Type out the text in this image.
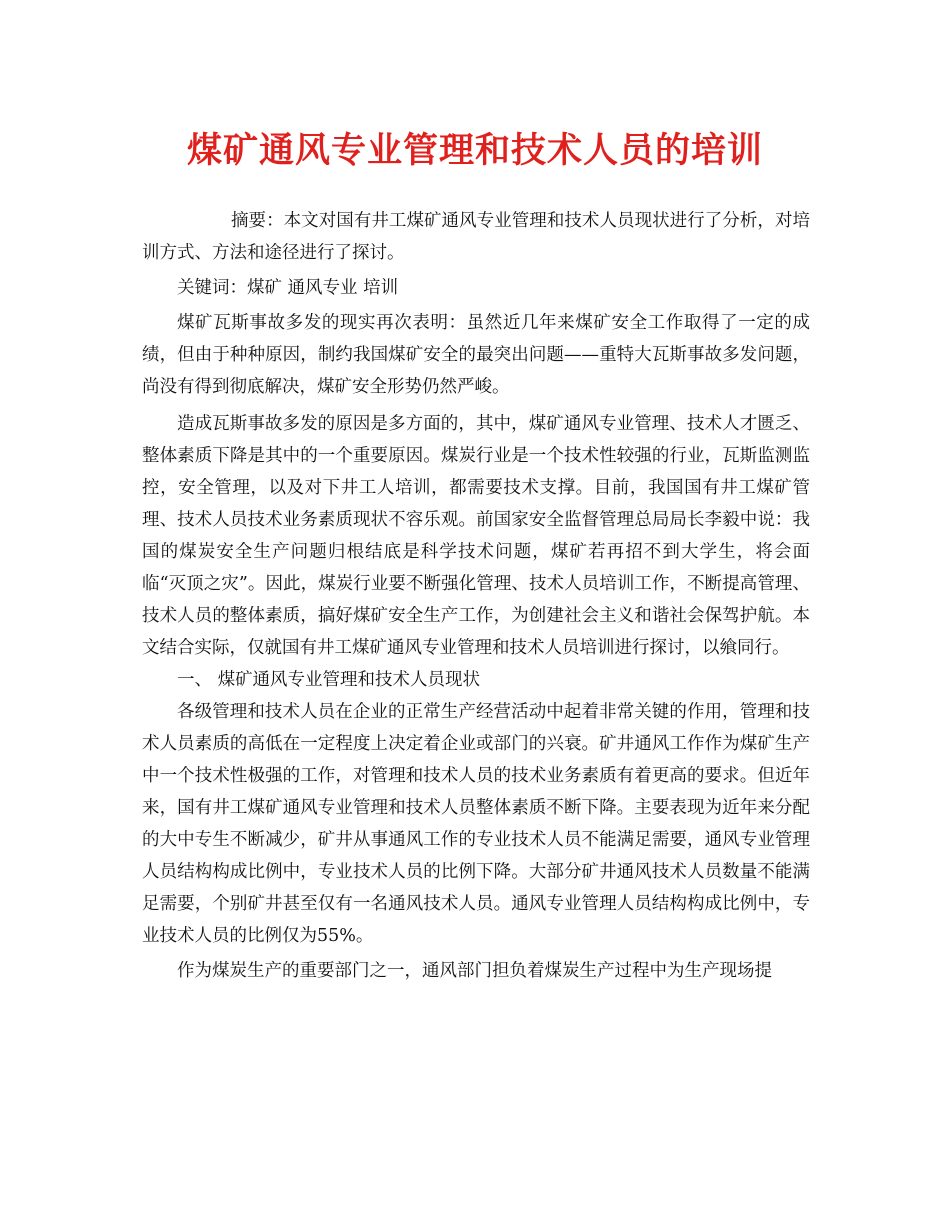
煤矿通风专业管理和技术人员的培训

摘要：本文对国有井工煤矿通风专业管理和技术人员现状进行了分析，对培训方式、方法和途径进行了探讨。

关键词：煤矿 通风专业 培训

煤矿瓦斯事故多发的现实再次表明：虽然近几年来煤矿安全工作取得了一定的成绩，但由于种种原因，制约我国煤矿安全的最突出问题——重特大瓦斯事故多发问题，尚没有得到彻底解决，煤矿安全形势仍然严峻。

造成瓦斯事故多发的原因是多方面的，其中，煤矿通风专业管理、技术人才匮乏、整体素质下降是其中的一个重要原因。煤炭行业是一个技术性较强的行业，瓦斯监测监控，安全管理，以及对下井工人培训，都需要技术支撑。目前，我国国有井工煤矿管理、技术人员技术业务素质现状不容乐观。前国家安全监督管理总局局长李毅中说：我国的煤炭安全生产问题归根结底是科学技术问题，煤矿若再招不到大学生，将会面临“灭顶之灾”。因此，煤炭行业要不断强化管理、技术人员培训工作，不断提高管理、技术人员的整体素质，搞好煤矿安全生产工作，为创建社会主义和谐社会保驾护航。本文结合实际，仅就国有井工煤矿通风专业管理和技术人员培训进行探讨，以飨同行。

一、 煤矿通风专业管理和技术人员现状

各级管理和技术人员在企业的正常生产经营活动中起着非常关键的作用，管理和技术人员素质的高低在一定程度上决定着企业或部门的兴衰。矿井通风工作作为煤矿生产中一个技术性极强的工作，对管理和技术人员的技术业务素质有着更高的要求。但近年来，国有井工煤矿通风专业管理和技术人员整体素质不断下降。主要表现为近年来分配的大中专生不断减少，矿井从事通风工作的专业技术人员不能满足需要，通风专业管理人员结构构成比例中，专业技术人员的比例下降。大部分矿井通风技术人员数量不能满足需要，个别矿井甚至仅有一名通风技术人员。通风专业管理人员结构构成比例中，专业技术人员的比例仅为55%。

作为煤炭生产的重要部门之一，通风部门担负着煤炭生产过程中为生产现场提
